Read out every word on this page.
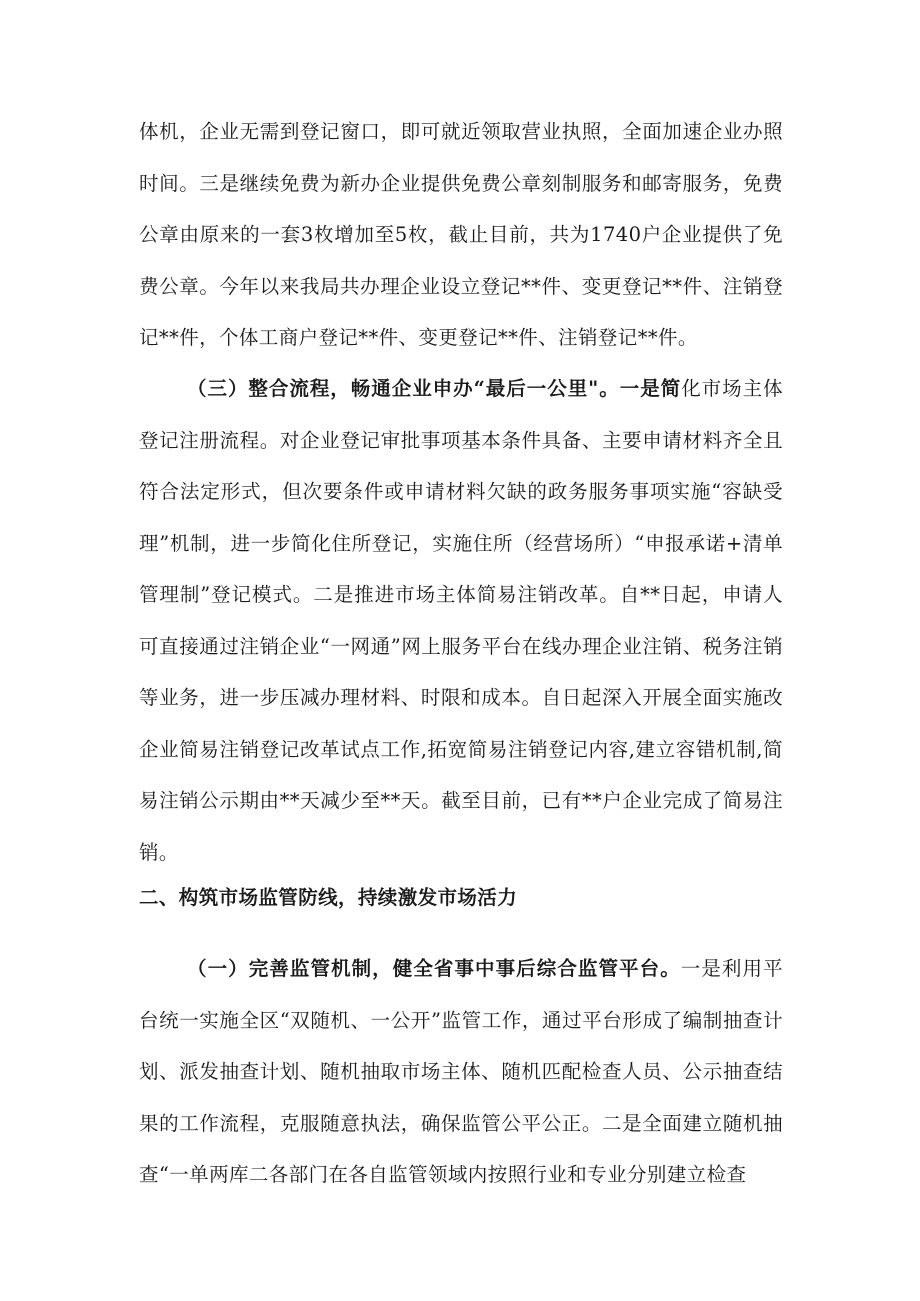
体机，企业无需到登记窗口，即可就近领取营业执照，全面加速企业办照时间。三是继续免费为新办企业提供免费公章刻制服务和邮寄服务，免费公章由原来的一套3枚增加至5枚，截止目前，共为1740户企业提供了免费公章。今年以来我局共办理企业设立登记**件、变更登记**件、注销登记**件，个体工商户登记**件、变更登记**件、注销登记**件。

（三）整合流程，畅通企业申办“最后一公里"。一是简化市场主体登记注册流程。对企业登记审批事项基本条件具备、主要申请材料齐全且符合法定形式，但次要条件或申请材料欠缺的政务服务事项实施“容缺受理”机制，进一步简化住所登记，实施住所（经营场所）“申报承诺+清单管理制”登记模式。二是推进市场主体简易注销改革。自**日起，申请人可直接通过注销企业“一网通”网上服务平台在线办理企业注销、税务注销等业务，进一步压减办理材料、时限和成本。自日起深入开展全面实施改企业简易注销登记改革试点工作,拓宽简易注销登记内容,建立容错机制,简易注销公示期由**天减少至**天。截至目前，已有**户企业完成了简易注销。

二、构筑市场监管防线，持续激发市场活力

（一）完善监管机制，健全省事中事后综合监管平台。一是利用平台统一实施全区“双随机、一公开”监管工作，通过平台形成了编制抽查计划、派发抽查计划、随机抽取市场主体、随机匹配检查人员、公示抽查结果的工作流程，克服随意执法，确保监管公平公正。二是全面建立随机抽查“一单两库二各部门在各自监管领域内按照行业和专业分别建立检查
